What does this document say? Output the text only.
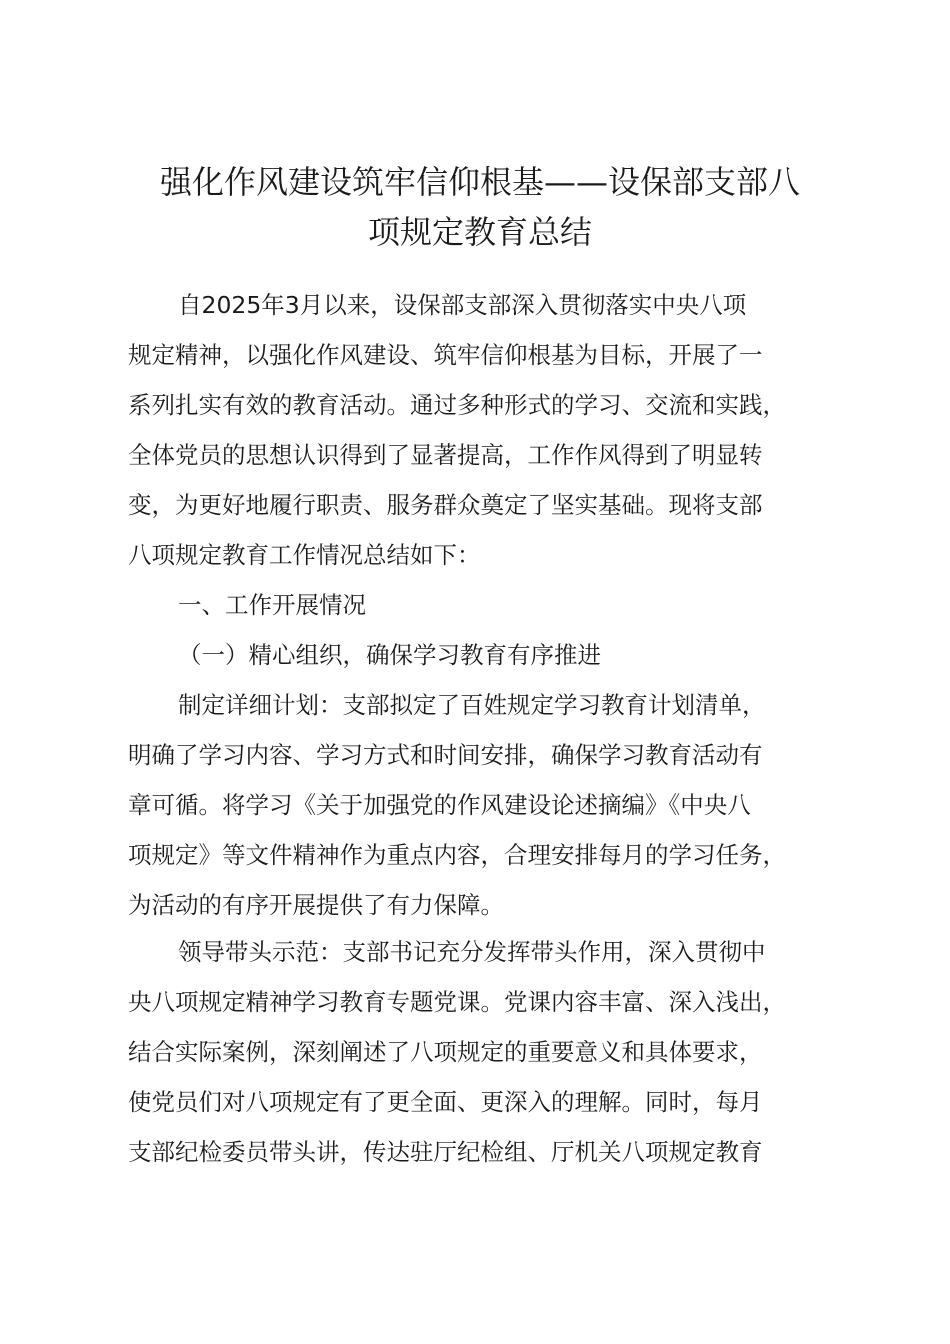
强化作风建设筑牢信仰根基——设保部支部八
项规定教育总结

自2025年3月以来，设保部支部深入贯彻落实中央八项

规定精神，以强化作风建设、筑牢信仰根基为目标，开展了一

系列扎实有效的教育活动。通过多种形式的学习、交流和实践，

全体党员的思想认识得到了显著提高，工作作风得到了明显转

变，为更好地履行职责、服务群众奠定了坚实基础。现将支部

八项规定教育工作情况总结如下：

一、工作开展情况

（一）精心组织，确保学习教育有序推进

制定详细计划：支部拟定了百姓规定学习教育计划清单，

明确了学习内容、学习方式和时间安排，确保学习教育活动有

章可循。将学习《关于加强党的作风建设论述摘编》《中央八

项规定》等文件精神作为重点内容，合理安排每月的学习任务，

为活动的有序开展提供了有力保障。

领导带头示范：支部书记充分发挥带头作用，深入贯彻中

央八项规定精神学习教育专题党课。党课内容丰富、深入浅出，

结合实际案例，深刻阐述了八项规定的重要意义和具体要求，

使党员们对八项规定有了更全面、更深入的理解。同时，每月

支部纪检委员带头讲，传达驻厅纪检组、厅机关八项规定教育
